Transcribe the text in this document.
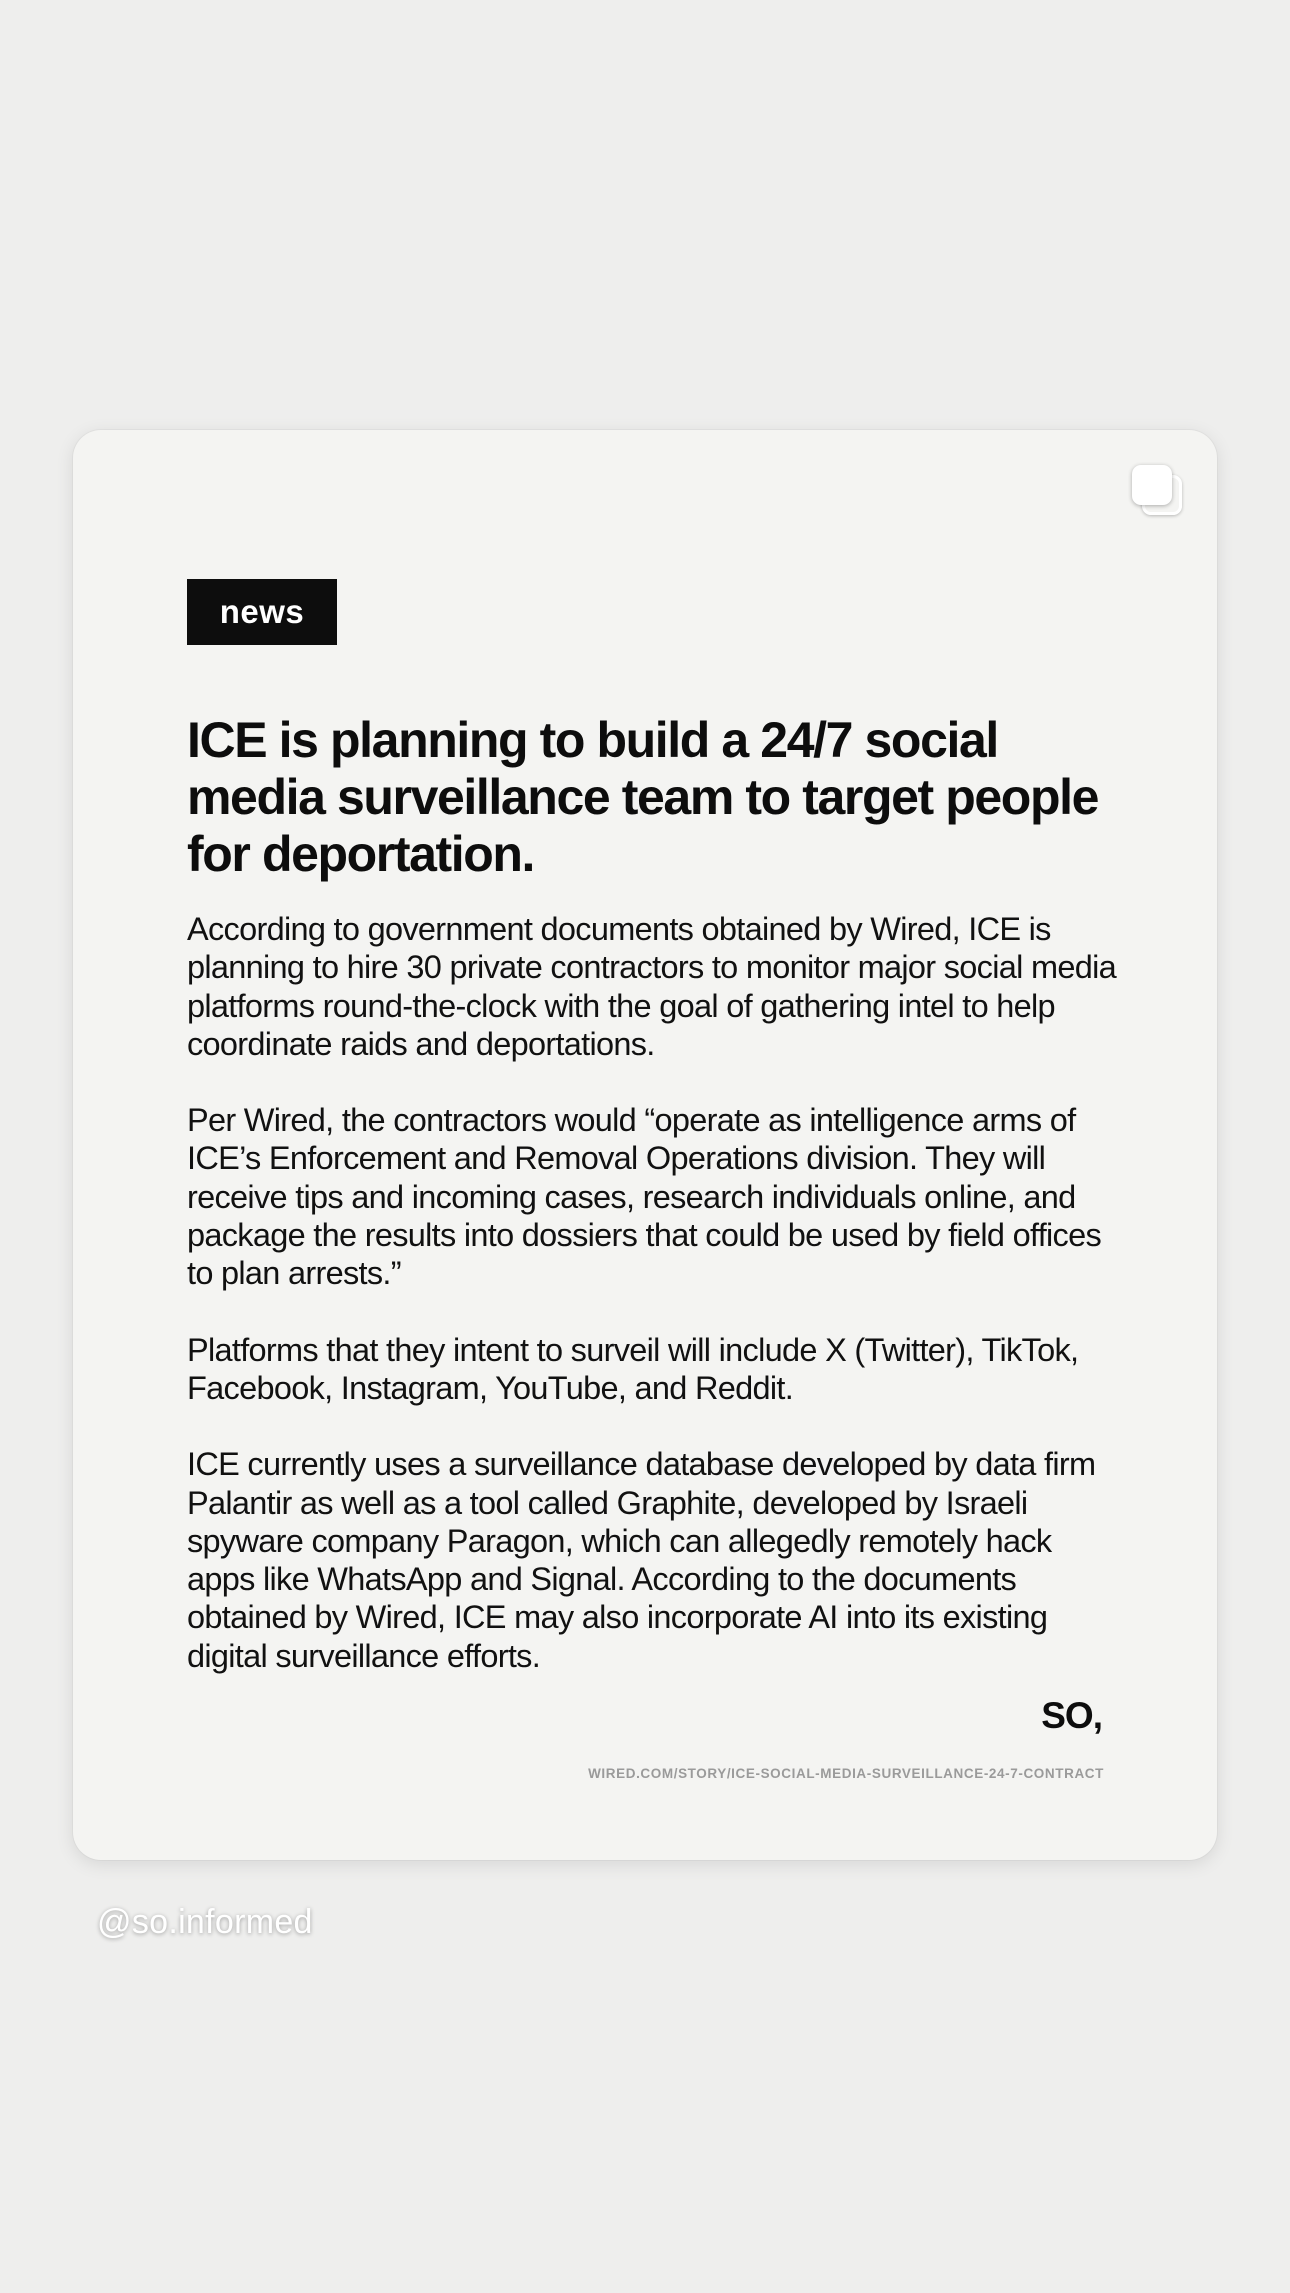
news
ICE is planning to build a 24/7 social media surveillance team to target people for deportation.

According to government documents obtained by Wired, ICE is planning to hire 30 private contractors to monitor major social media platforms round-the-clock with the goal of gathering intel to help coordinate raids and deportations.

Per Wired, the contractors would “operate as intelligence arms of ICE’s Enforcement and Removal Operations division. They will receive tips and incoming cases, research individuals online, and package the results into dossiers that could be used by field offices to plan arrests.”

Platforms that they intent to surveil will include X (Twitter), TikTok, Facebook, Instagram, YouTube, and Reddit.

ICE currently uses a surveillance database developed by data firm Palantir as well as a tool called Graphite, developed by Israeli spyware company Paragon, which can allegedly remotely hack apps like WhatsApp and Signal. According to the documents obtained by Wired, ICE may also incorporate AI into its existing digital surveillance efforts.

SO,
WIRED.COM/STORY/ICE-SOCIAL-MEDIA-SURVEILLANCE-24-7-CONTRACT
@so.informed
